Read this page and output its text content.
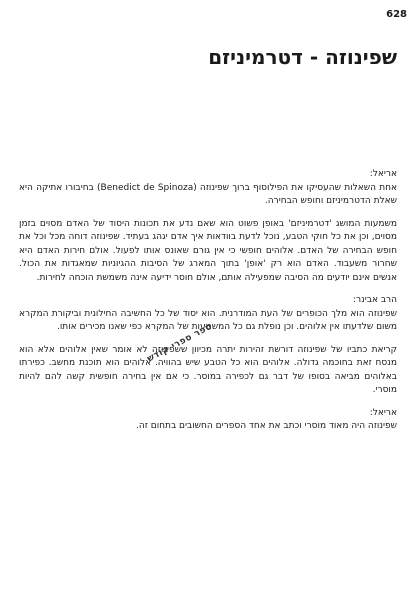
628
שפינוזה - דטרמיניזם

אריאל:

אחת השאלות שהעסיקו את הפילוסוף ברוך שפינוזה (Benedict de Spinoza) בחיבורו אתיקה היא שאלת הדטרמיניזם וחופש הבחירה.

משמעות המושג 'דטרמיניזם' באופן פשוט הוא שאם נדע את תכונות היסוד של האדם מסוים בזמן מסוים, וכן את כל חוקי הטבע, נוכל לדעת בוודאות איך אדם יגהג בעתיד. שפינוזה דוחה מכל וכל את חופש הבחירה של האדם. אלוהים חופשי כי אין גורם שאונס אותו לפעול. אולם חירות האדם היא שחרור משעבוד. האדם הוא רק 'אופן' בתוך המארג של הסיבות ההגיוניות שמאגדות את הכול. אנשים אינם יודעים מה הסיבה שמפעילה אותם, אולם חוסר ידיעה אינה משמשת הוכחה לחירות.

הרב אבינר:

שפינוזה הוא מלך הכופרים של העת המודרנית. הוא יסוד של כל החשיבה החילונית וביקורת המקרא משום שלדעתו אין אלוהים. וכן נופלת גם כל המשמעות של המקרא כפי שאנו מכירים אותו.

קריאת כתביו של שפינוזה דורשת זהירות יתרה מכיוון ששפינוזה לא אומר שאין אלוהים אלא הוא מנסח זאת בחוכמה גדולה. אלוהים הוא כל הטבע שיש בהוויה. אלוהים הוא תוכנת מחשב. כפירתו באלוהים מביאה בסופו של דבר גם לכפירה במוסר. כי אם אין בחירה חופשית קשה להם להיות מוסרי.

אריאל:

שפינוזה היה מאוד מוסרי וכתב את אחד הספרים החשובים בתחום זה.

ספר ספרי קודש
